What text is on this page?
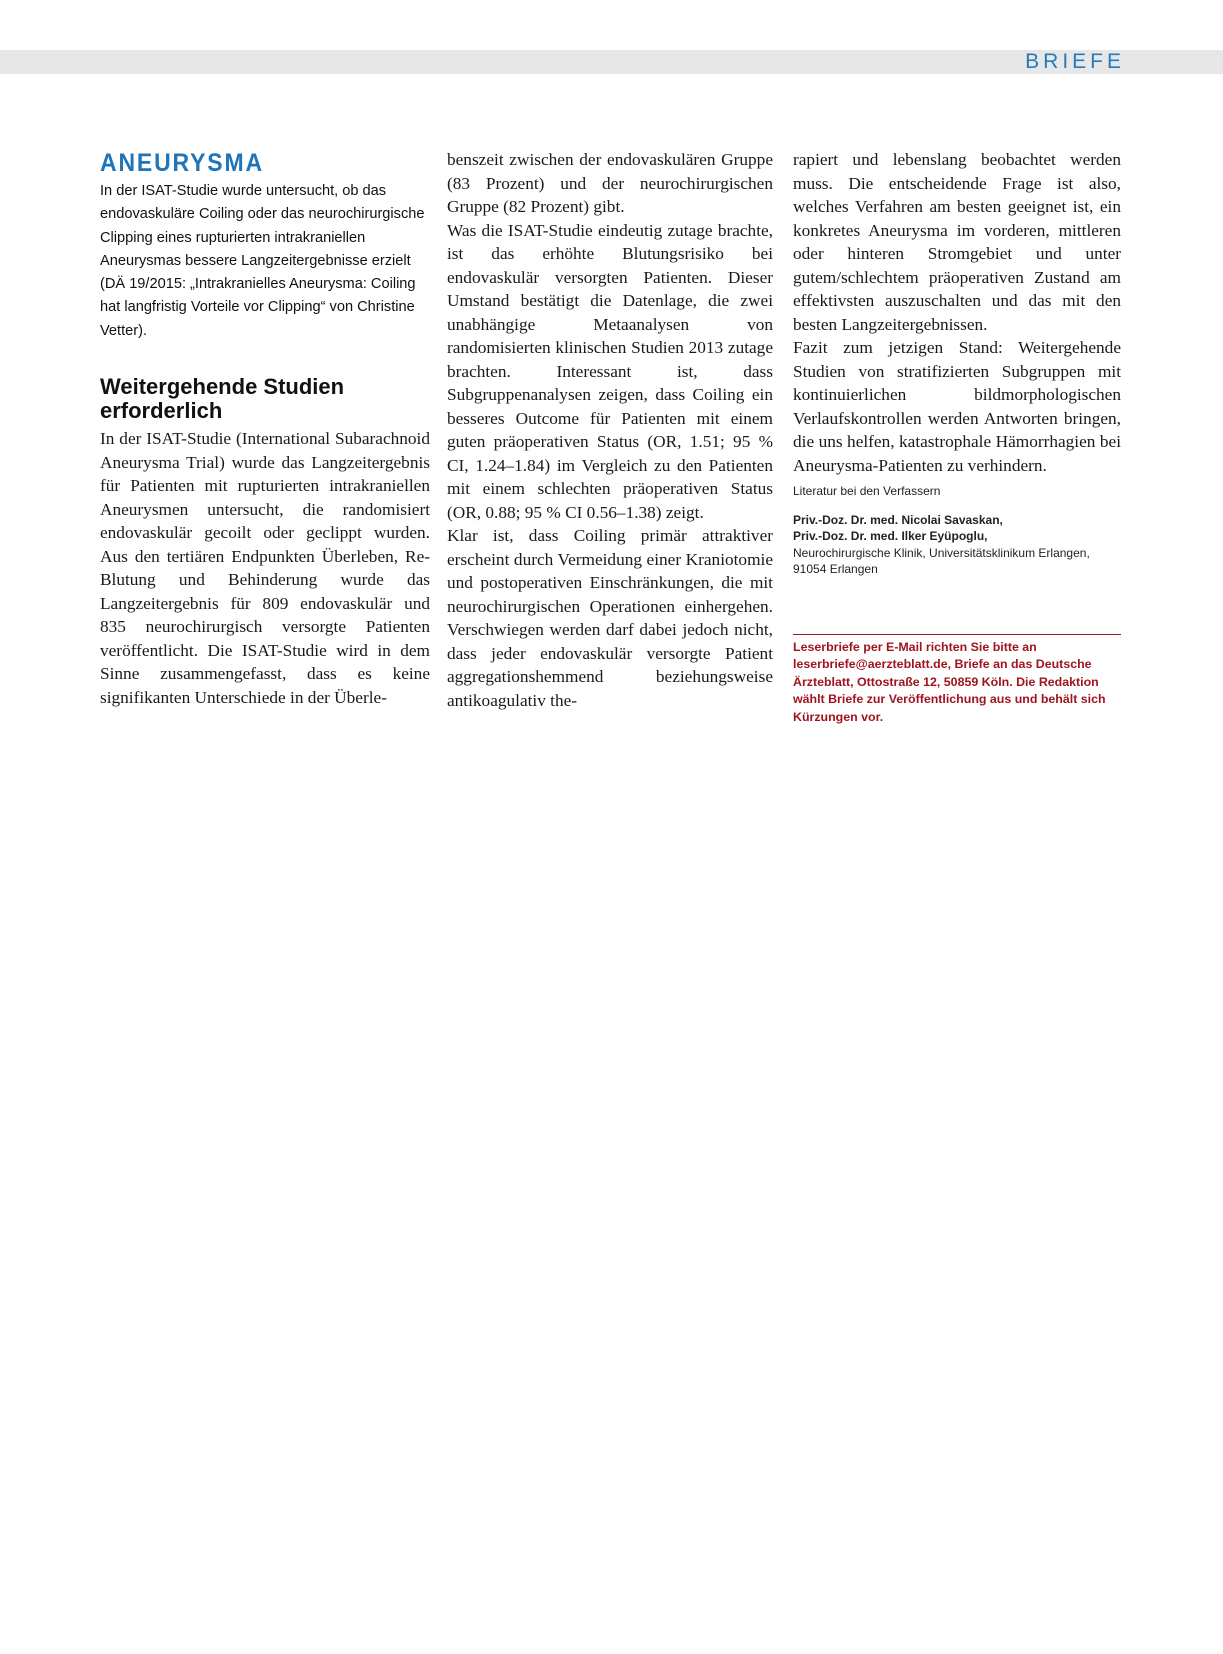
BRIEFE
ANEURYSMA

In der ISAT-Studie wurde untersucht, ob das endovaskuläre Coiling oder das neurochirurgische Clipping eines rupturierten intrakraniellen Aneurysmas bessere Langzeitergebnisse erzielt (DÄ 19/2015: „Intrakranielles Aneurysma: Coiling hat langfristig Vorteile vor Clipping“ von Christine Vetter).

Weitergehende Studien erforderlich

In der ISAT-Studie (International Subarachnoid Aneurysma Trial) wurde das Langzeitergebnis für Patienten mit rupturierten intrakraniellen Aneurysmen untersucht, die randomisiert endovaskulär gecoilt oder geclippt wurden. Aus den tertiären Endpunkten Überleben, Re-Blutung und Behinderung wurde das Langzeitergebnis für 809 endovaskulär und 835 neurochirurgisch versorgte Patienten veröffentlicht. Die ISAT-Studie wird in dem Sinne zusammengefasst, dass es keine signifikanten Unterschiede in der Überle-

benszeit zwischen der endovaskulären Gruppe (83 Prozent) und der neurochirurgischen Gruppe (82 Prozent) gibt.

Was die ISAT-Studie eindeutig zutage brachte, ist das erhöhte Blutungsrisiko bei endovaskulär versorgten Patienten. Dieser Umstand bestätigt die Datenlage, die zwei unabhängige Metaanalysen von randomisierten klinischen Studien 2013 zutage brachten. Interessant ist, dass Subgruppenanalysen zeigen, dass Coiling ein besseres Outcome für Patienten mit einem guten präoperativen Status (OR, 1.51; 95 % CI, 1.24–1.84) im Vergleich zu den Patienten mit einem schlechten präoperativen Status (OR, 0.88; 95 % CI 0.56–1.38) zeigt.

Klar ist, dass Coiling primär attraktiver erscheint durch Vermeidung einer Kraniotomie und postoperativen Einschränkungen, die mit neurochirurgischen Operationen einhergehen. Verschwiegen werden darf dabei jedoch nicht, dass jeder endovaskulär versorgte Patient aggregationshemmend beziehungsweise antikoagulativ the-

rapiert und lebenslang beobachtet werden muss. Die entscheidende Frage ist also, welches Verfahren am besten geeignet ist, ein konkretes Aneurysma im vorderen, mittleren oder hinteren Stromgebiet und unter gutem/schlechtem präoperativen Zustand am effektivsten auszuschalten und das mit den besten Langzeitergebnissen.

Fazit zum jetzigen Stand: Weitergehende Studien von stratifizierten Subgruppen mit kontinuierlichen bildmorphologischen Verlaufskontrollen werden Antworten bringen, die uns helfen, katastrophale Hämorrhagien bei Aneurysma-Patienten zu verhindern.

Literatur bei den Verfassern
Priv.-Doz. Dr. med. Nicolai Savaskan,
Priv.-Doz. Dr. med. Ilker Eyüpoglu,
Neurochirurgische Klinik, Universitätsklinikum Erlangen, 91054 Erlangen
Leserbriefe per E-Mail richten Sie bitte an leserbriefe@aerzteblatt.de, Briefe an das Deutsche Ärzteblatt, Ottostraße 12, 50859 Köln. Die Redaktion wählt Briefe zur Veröffentlichung aus und behält sich Kürzungen vor.
